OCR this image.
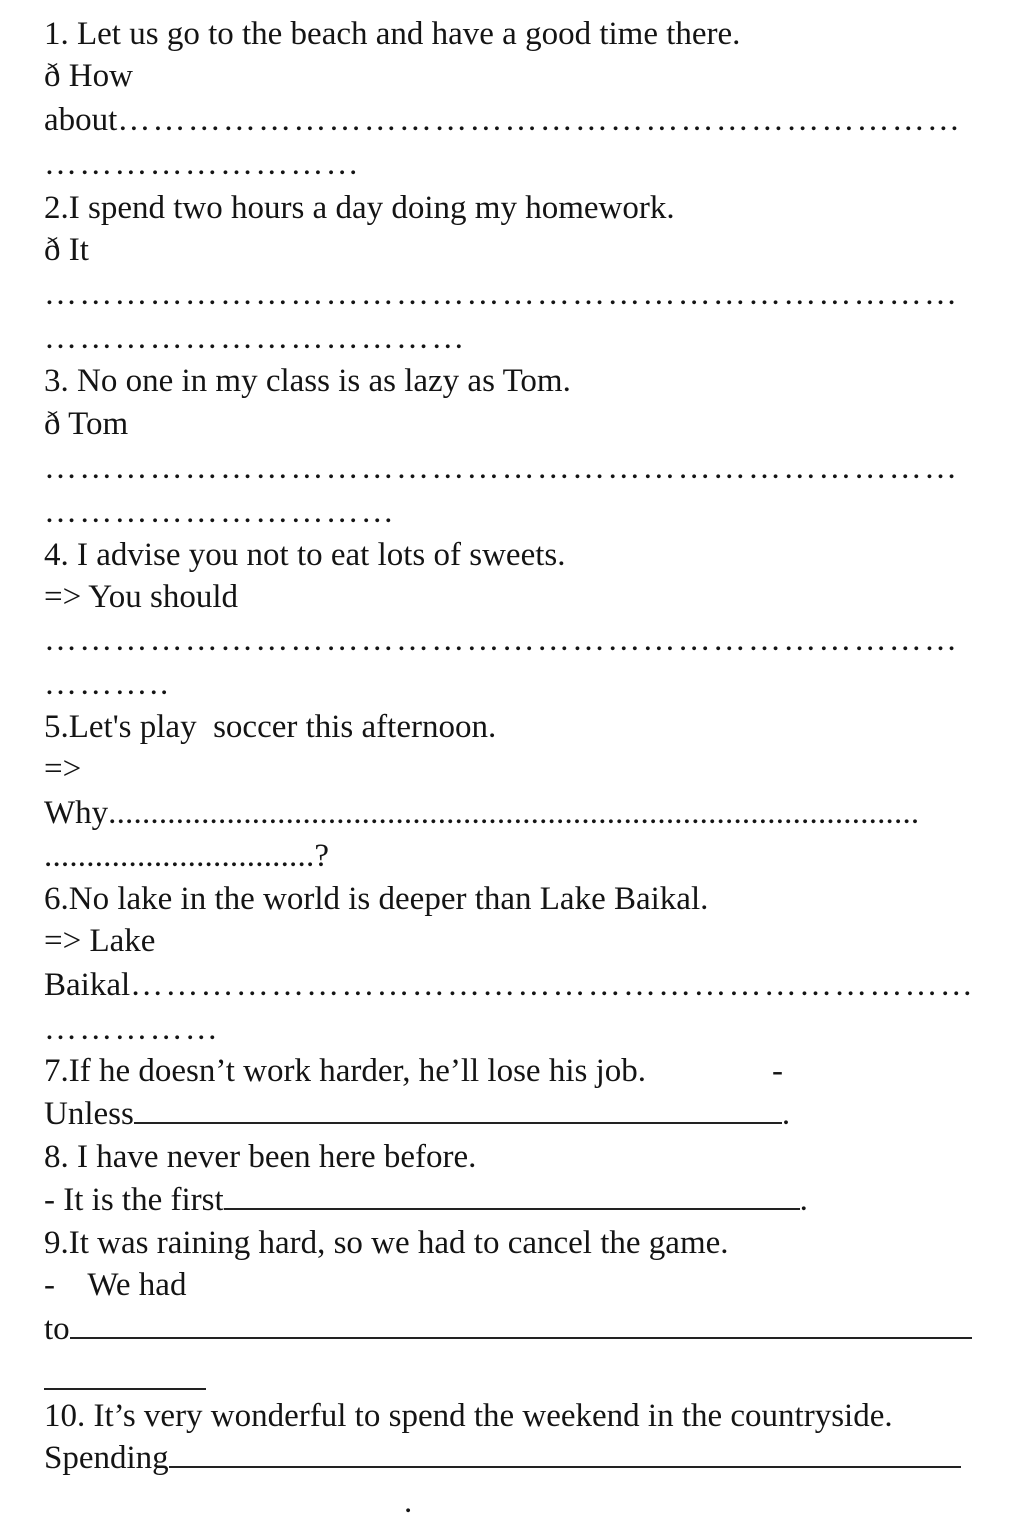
1. Let us go to the beach and have a good time there.

ð How

about………………………………………………………………

………………………

2.I spend two hours a day doing my homework.

ð It

……………………………………………………………………

………………………………

3. No one in my class is as lazy as Tom.

ð Tom

……………………………………………………………………

…………………………

4. I advise you not to eat lots of sweets.

=> You should

……………………………………………………………………

………..

5.Let's play  soccer this afternoon.

=>

Why................................................................................................

................................?

6.No lake in the world is deeper than Lake Baikal.

=> Lake

Baikal………………………………………………………………

……………

7.If he doesn’t work harder, he’ll lose his job.	-

Unless	.

8. I have never been here before.

- It is the first	.

9.It was raining hard, so we had to cancel the game.

-    We had

to

10. It’s very wonderful to spend the weekend in the countryside.

Spending

.
